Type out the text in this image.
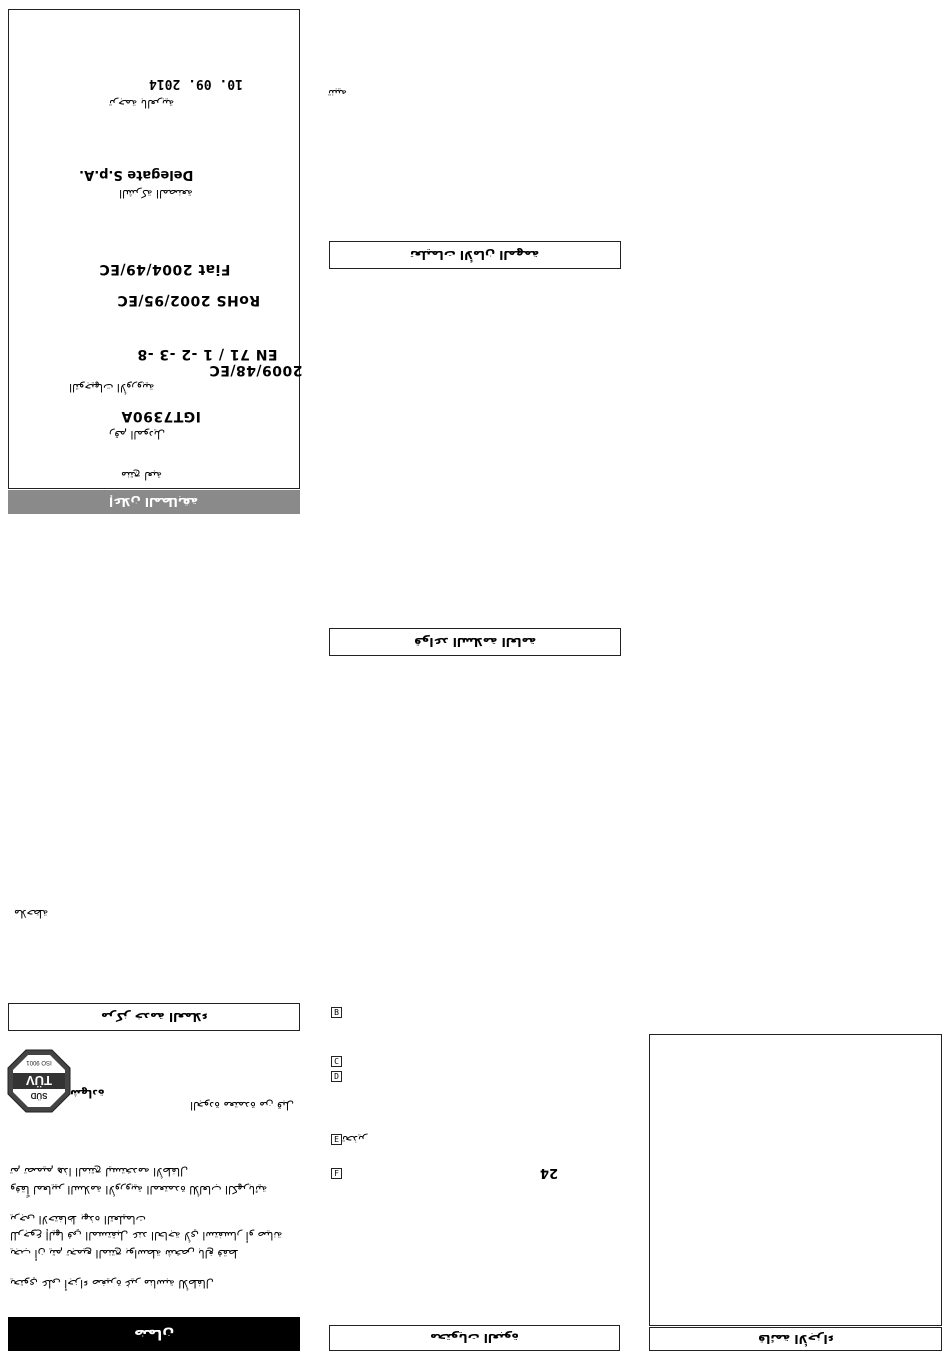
10. 09. 2014
ترجمة بالعربية
Delegate S.p.A.
الشركة المصنعة
Fiat 2004/49/EC
RoHS 2002/95/EC
EN 71 / 1 -2 -3 -8
2009/48/EC
التوجيهات الأوروبية
IGT7390A
رقم الموديل
منتج لعبة
إعلان المطابقة
ملاحظة
مركز خدمة العملاء
TÜV
SÜD
ISO 9001
شهادة
الجودة معتمدة من قبل
تم تصميم هذا المنتج ليستخدمه الأطفال
وفقاً لمعايير السلامة الأوروبية المعتمدة للألعاب الكهربائية
يرجى الاحتفاظ بهذه التعليمات
للرجوع إليها في المستقبل عند الحاجة لأي استفسار أو صيانة
يجب أن يتم تجميع المنتج بواسطة شخص بالغ فقط
يحتوي على أجزاء صغيرة غير مناسبة للأطفال
ضمان
تنبيه
تعليمات الأمان المهمة
قواعد السلامة العامة
B
C
D
E تحذير
F	24
محتويات العبوة	قائمة الأجزاء
